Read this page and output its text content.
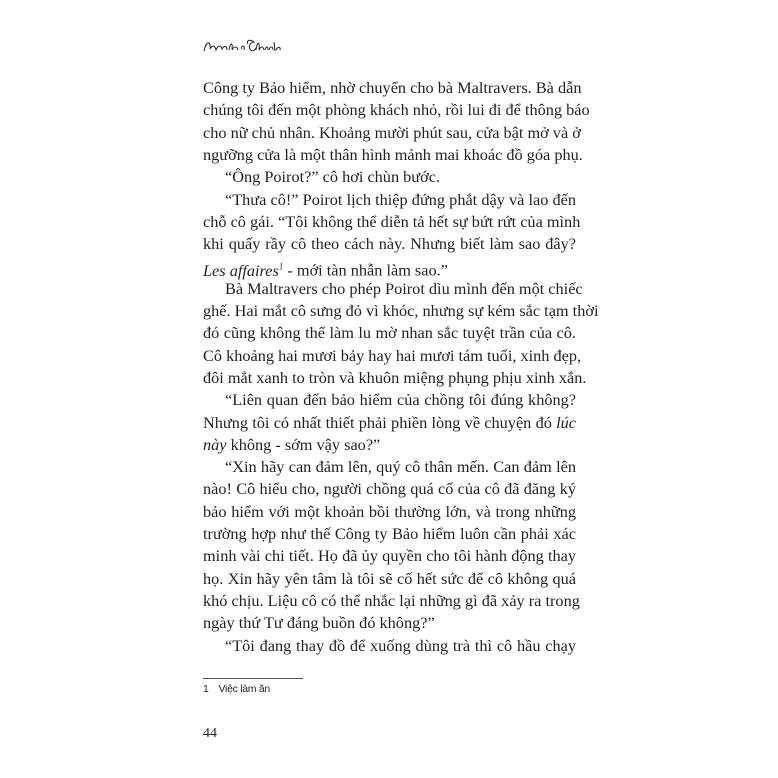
Công ty Bảo hiểm, nhờ chuyển cho bà Maltravers. Bà dẫn
chúng tôi đến một phòng khách nhỏ, rồi lui đi để thông báo
cho nữ chủ nhân. Khoảng mười phút sau, cửa bật mở và ở
ngưỡng cửa là một thân hình mảnh mai khoác đồ góa phụ.
“Ông Poirot?” cô hơi chùn bước.
“Thưa cô!” Poirot lịch thiệp đứng phắt dậy và lao đến
chỗ cô gái. “Tôi không thể diễn tả hết sự bứt rứt của mình
khi quấy rầy cô theo cách này. Nhưng biết làm sao đây?
Les affaires$^1$ - mới tàn nhẫn làm sao.”
Bà Maltravers cho phép Poirot dìu mình đến một chiếc
ghế. Hai mắt cô sưng đỏ vì khóc, nhưng sự kém sắc tạm thời
đó cũng không thể làm lu mờ nhan sắc tuyệt trần của cô.
Cô khoảng hai mươi bảy hay hai mươi tám tuổi, xinh đẹp,
đôi mắt xanh to tròn và khuôn miệng phụng phịu xinh xắn.
“Liên quan đến bảo hiểm của chồng tôi đúng không?
Nhưng tôi có nhất thiết phải phiền lòng về chuyện đó lúc
này không - sớm vậy sao?”
“Xin hãy can đảm lên, quý cô thân mến. Can đảm lên
nào! Cô hiểu cho, người chồng quá cố của cô đã đăng ký
bảo hiểm với một khoản bồi thường lớn, và trong những
trường hợp như thế Công ty Bảo hiểm luôn cần phải xác
minh vài chi tiết. Họ đã ủy quyền cho tôi hành động thay
họ. Xin hãy yên tâm là tôi sẽ cố hết sức để cô không quá
khó chịu. Liệu cô có thể nhắc lại những gì đã xảy ra trong
ngày thứ Tư đáng buồn đó không?”
“Tôi đang thay đồ để xuống dùng trà thì cô hầu chạy
1 Việc làm ăn
44
